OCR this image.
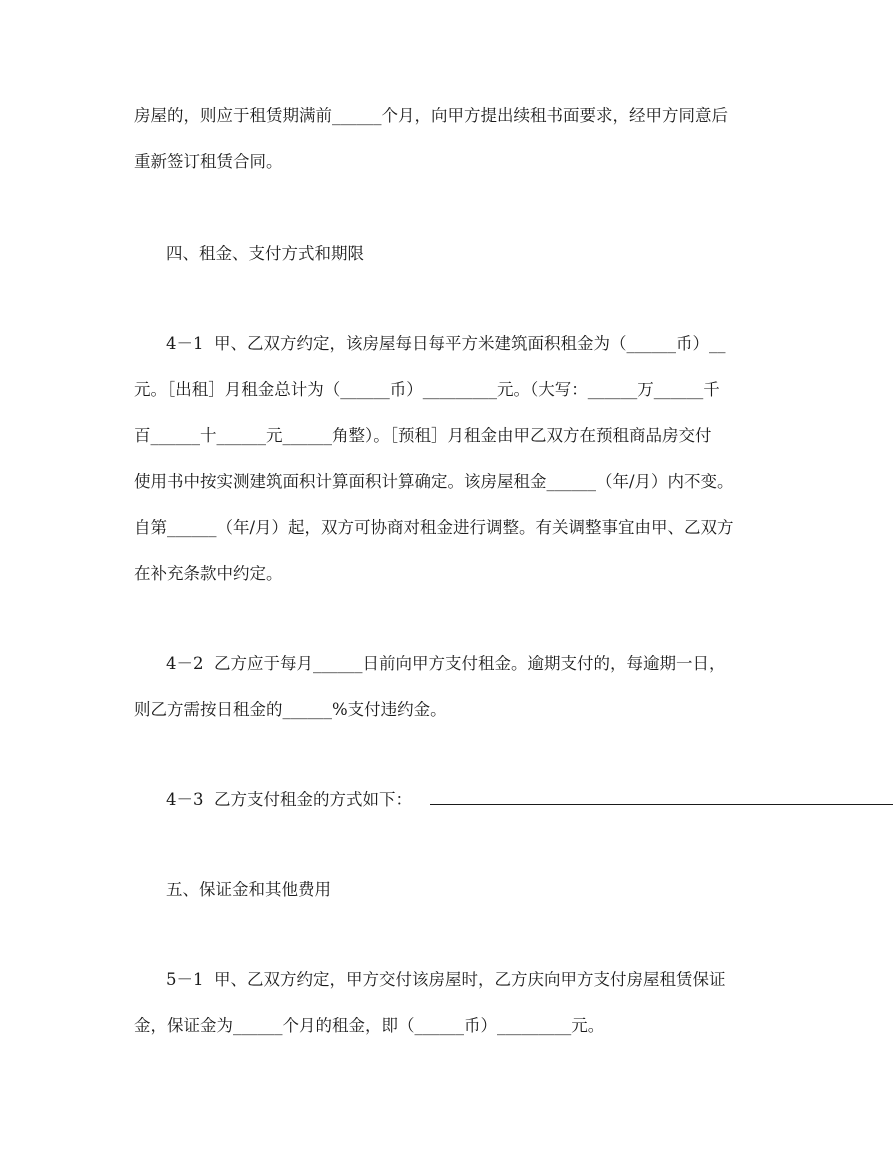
房屋的，则应于租赁期满前______个月，向甲方提出续租书面要求，经甲方同意后
重新签订租赁合同。
四、租金、支付方式和期限
4－1  甲、乙双方约定，该房屋每日每平方米建筑面积租金为（______币）__
元。［出租］月租金总计为（______币）_________元。（大写：______万______千
百______十______元______角整）。［预租］月租金由甲乙双方在预租商品房交付
使用书中按实测建筑面积计算面积计算确定。该房屋租金______（年/月）内不变。
自第______（年/月）起，双方可协商对租金进行调整。有关调整事宜由甲、乙双方
在补充条款中约定。
4－2  乙方应于每月______日前向甲方支付租金。逾期支付的，每逾期一日，
则乙方需按日租金的______%支付违约金。
4－3  乙方支付租金的方式如下：
五、保证金和其他费用
5－1  甲、乙双方约定，甲方交付该房屋时，乙方庆向甲方支付房屋租赁保证
金，保证金为______个月的租金，即（______币）_________元。
